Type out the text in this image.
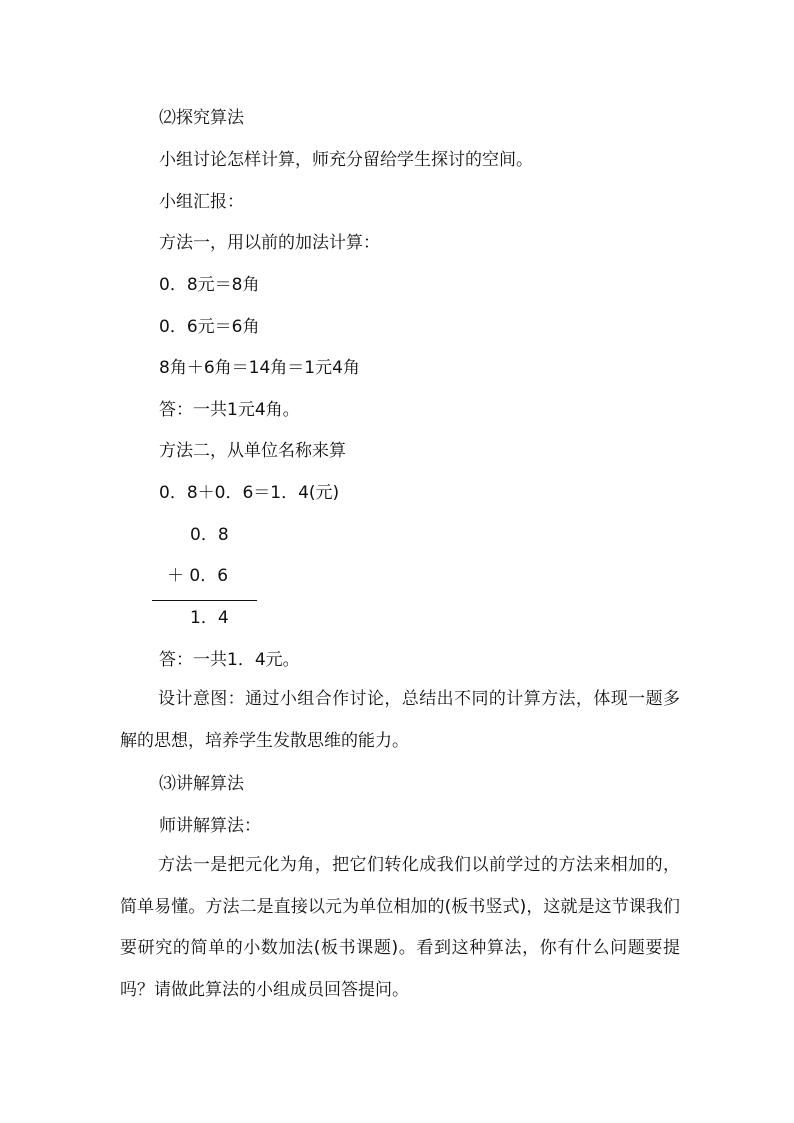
⑵探究算法

小组讨论怎样计算，师充分留给学生探讨的空间。

小组汇报：

方法一，用以前的加法计算：

0．8元＝8角

0．6元＝6角

8角＋6角＝14角＝1元4角

答：一共1元4角。

方法二，从单位名称来算

0．8＋0．6＝1．4(元)

0．8

＋ 0．6

1．4

答：一共1．4元。

设计意图：通过小组合作讨论，总结出不同的计算方法，体现一题多解的思想，培养学生发散思维的能力。

⑶讲解算法

师讲解算法：

方法一是把元化为角，把它们转化成我们以前学过的方法来相加的，简单易懂。方法二是直接以元为单位相加的(板书竖式)，这就是这节课我们要研究的简单的小数加法(板书课题)。看到这种算法，你有什么问题要提吗？请做此算法的小组成员回答提问。
